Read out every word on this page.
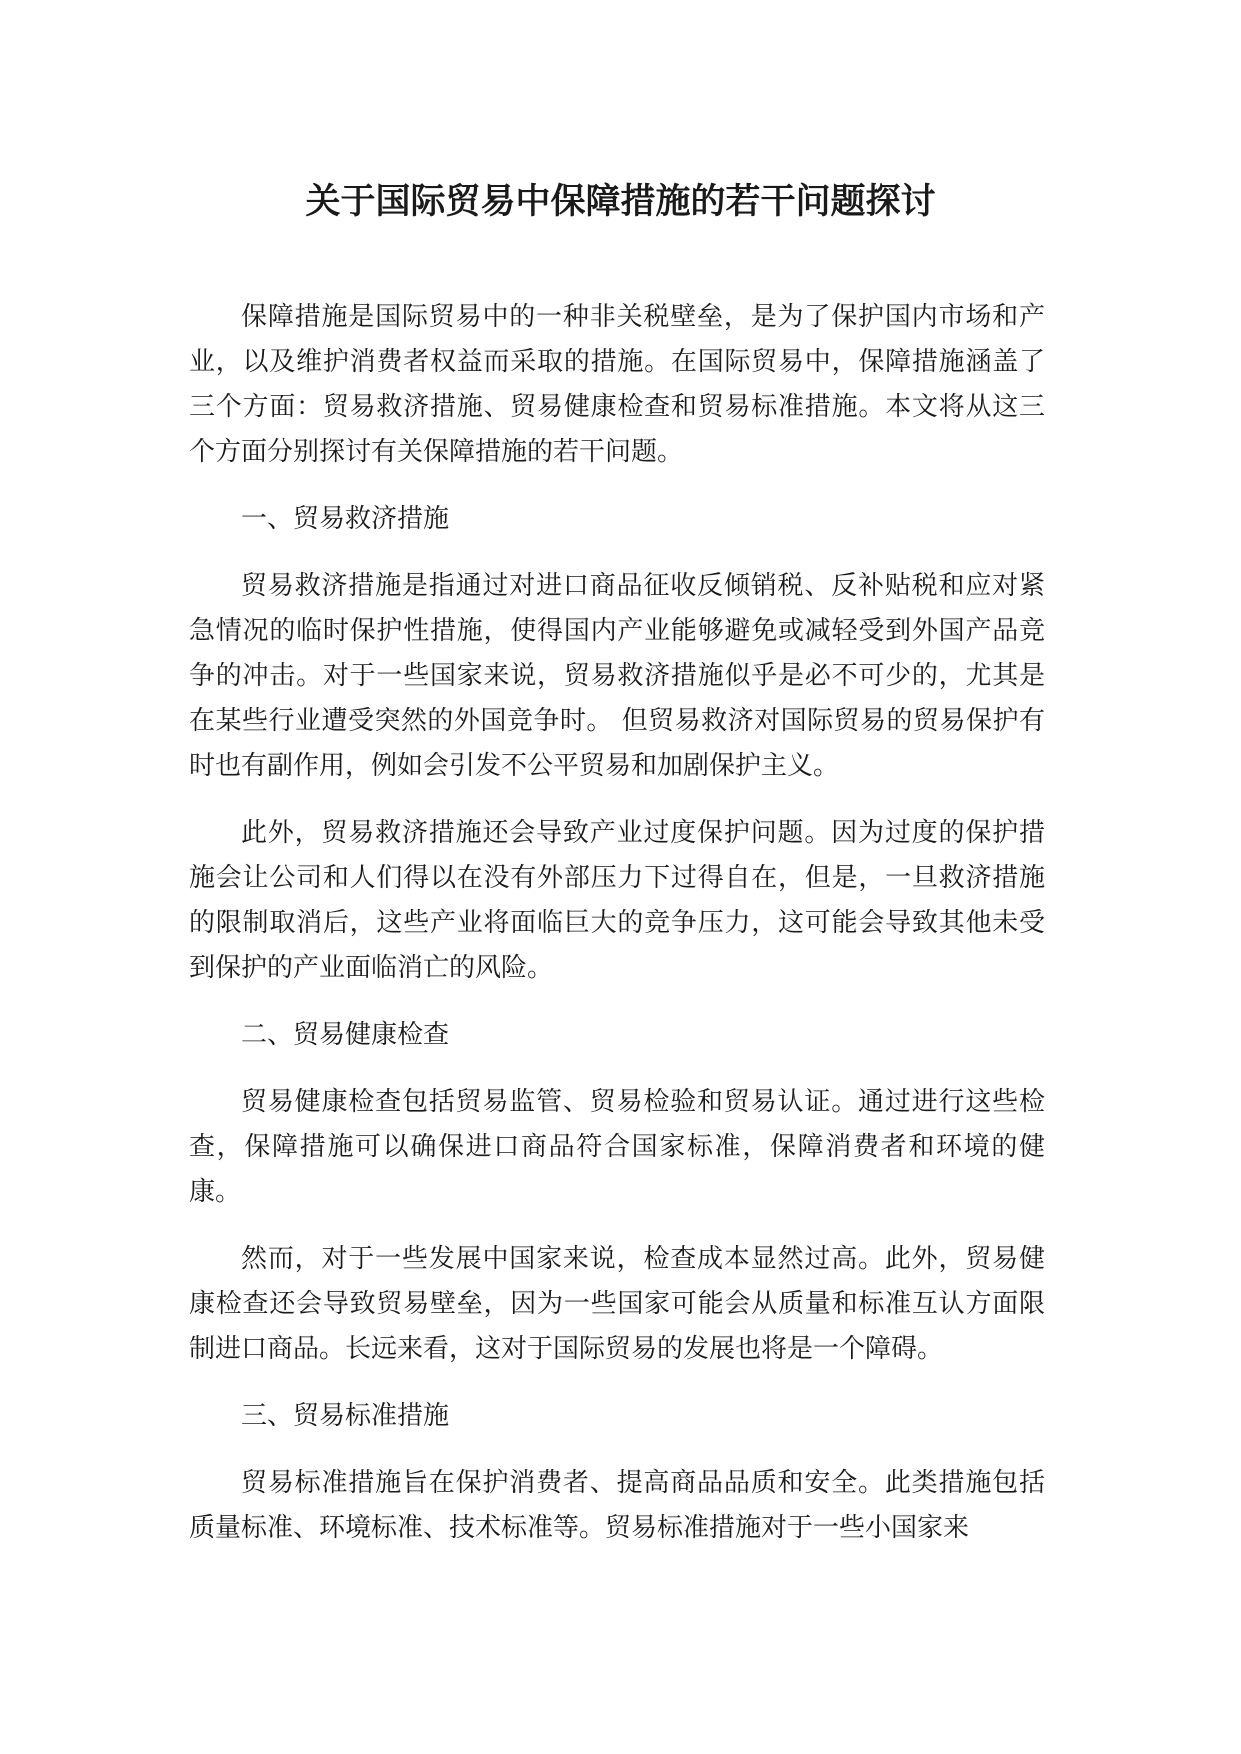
关于国际贸易中保障措施的若干问题探讨

保障措施是国际贸易中的一种非关税壁垒，是为了保护国内市场和产业，以及维护消费者权益而采取的措施。在国际贸易中，保障措施涵盖了三个方面：贸易救济措施、贸易健康检查和贸易标准措施。本文将从这三个方面分别探讨有关保障措施的若干问题。

一、贸易救济措施

贸易救济措施是指通过对进口商品征收反倾销税、反补贴税和应对紧急情况的临时保护性措施，使得国内产业能够避免或减轻受到外国产品竞争的冲击。对于一些国家来说，贸易救济措施似乎是必不可少的，尤其是在某些行业遭受突然的外国竞争时。 但贸易救济对国际贸易的贸易保护有时也有副作用，例如会引发不公平贸易和加剧保护主义。

此外，贸易救济措施还会导致产业过度保护问题。因为过度的保护措施会让公司和人们得以在没有外部压力下过得自在，但是，一旦救济措施的限制取消后，这些产业将面临巨大的竞争压力，这可能会导致其他未受到保护的产业面临消亡的风险。

二、贸易健康检查

贸易健康检查包括贸易监管、贸易检验和贸易认证。通过进行这些检查，保障措施可以确保进口商品符合国家标准，保障消费者和环境的健康。

然而，对于一些发展中国家来说，检查成本显然过高。此外，贸易健康检查还会导致贸易壁垒，因为一些国家可能会从质量和标准互认方面限制进口商品。长远来看，这对于国际贸易的发展也将是一个障碍。

三、贸易标准措施

贸易标准措施旨在保护消费者、提高商品品质和安全。此类措施包括质量标准、环境标准、技术标准等。贸易标准措施对于一些小国家来
